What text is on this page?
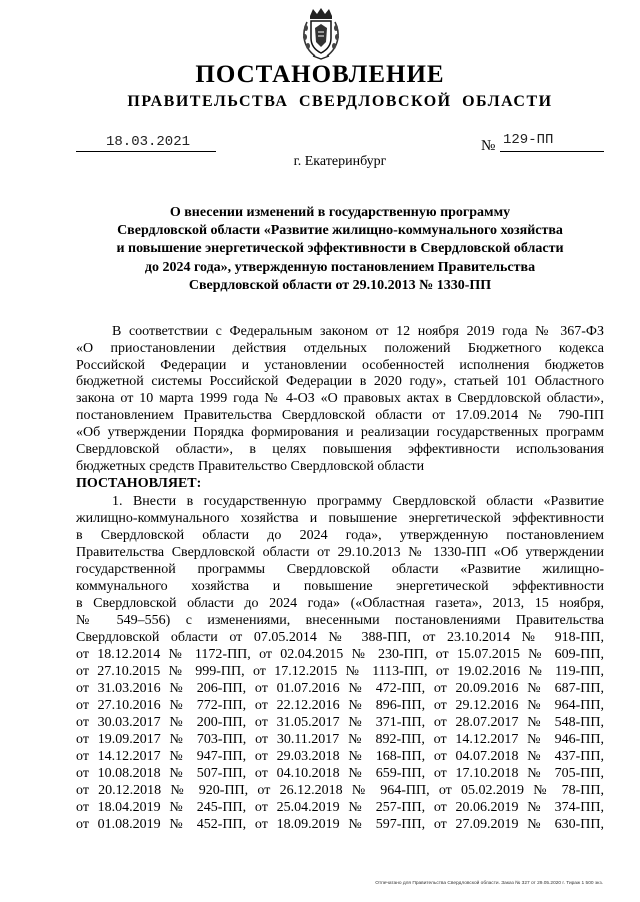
ПОСТАНОВЛЕНИЕ
ПРАВИТЕЛЬСТВА СВЕРДЛОВСКОЙ ОБЛАСТИ
18.03.2021	№ 129-ПП
г. Екатеринбург
О внесении изменений в государственную программу
Свердловской области «Развитие жилищно-коммунального хозяйства
и повышение энергетической эффективности в Свердловской области
до 2024 года», утвержденную постановлением Правительства
Свердловской области от 29.10.2013 № 1330-ПП
В соответствии с Федеральным законом от 12 ноября 2019 года № 367-ФЗ
«О приостановлении действия отдельных положений Бюджетного кодекса
Российской Федерации и установлении особенностей исполнения бюджетов
бюджетной системы Российской Федерации в 2020 году», статьей 101 Областного
закона от 10 марта 1999 года № 4-ОЗ «О правовых актах в Свердловской области»,
постановлением Правительства Свердловской области от 17.09.2014 № 790-ПП
«Об утверждении Порядка формирования и реализации государственных программ
Свердловской области», в целях повышения эффективности использования
бюджетных средств Правительство Свердловской области
ПОСТАНОВЛЯЕТ:
1. Внести в государственную программу Свердловской области «Развитие
жилищно-коммунального хозяйства и повышение энергетической эффективности
в Свердловской области до 2024 года», утвержденную постановлением
Правительства Свердловской области от 29.10.2013 № 1330-ПП «Об утверждении
государственной программы Свердловской области «Развитие жилищно-
коммунального хозяйства и повышение энергетической эффективности
в Свердловской области до 2024 года» («Областная газета», 2013, 15 ноября,
№ 549–556) с изменениями, внесенными постановлениями Правительства
Свердловской области от 07.05.2014 № 388-ПП, от 23.10.2014 № 918-ПП,
от 18.12.2014 № 1172-ПП, от 02.04.2015 № 230-ПП, от 15.07.2015 № 609-ПП,
от 27.10.2015 № 999-ПП, от 17.12.2015 № 1113-ПП, от 19.02.2016 № 119-ПП,
от 31.03.2016 № 206-ПП, от 01.07.2016 № 472-ПП, от 20.09.2016 № 687-ПП,
от 27.10.2016 № 772-ПП, от 22.12.2016 № 896-ПП, от 29.12.2016 № 964-ПП,
от 30.03.2017 № 200-ПП, от 31.05.2017 № 371-ПП, от 28.07.2017 № 548-ПП,
от 19.09.2017 № 703-ПП, от 30.11.2017 № 892-ПП, от 14.12.2017 № 946-ПП,
от 14.12.2017 № 947-ПП, от 29.03.2018 № 168-ПП, от 04.07.2018 № 437-ПП,
от 10.08.2018 № 507-ПП, от 04.10.2018 № 659-ПП, от 17.10.2018 № 705-ПП,
от 20.12.2018 № 920-ПП, от 26.12.2018 № 964-ПП, от 05.02.2019 № 78-ПП,
от 18.04.2019 № 245-ПП, от 25.04.2019 № 257-ПП, от 20.06.2019 № 374-ПП,
от 01.08.2019 № 452-ПП, от 18.09.2019 № 597-ПП, от 27.09.2019 № 630-ПП,
Отпечатано для Правительства Свердловской области. Заказ № 327 от 29.05.2020 г. Тираж 1 500 экз.
